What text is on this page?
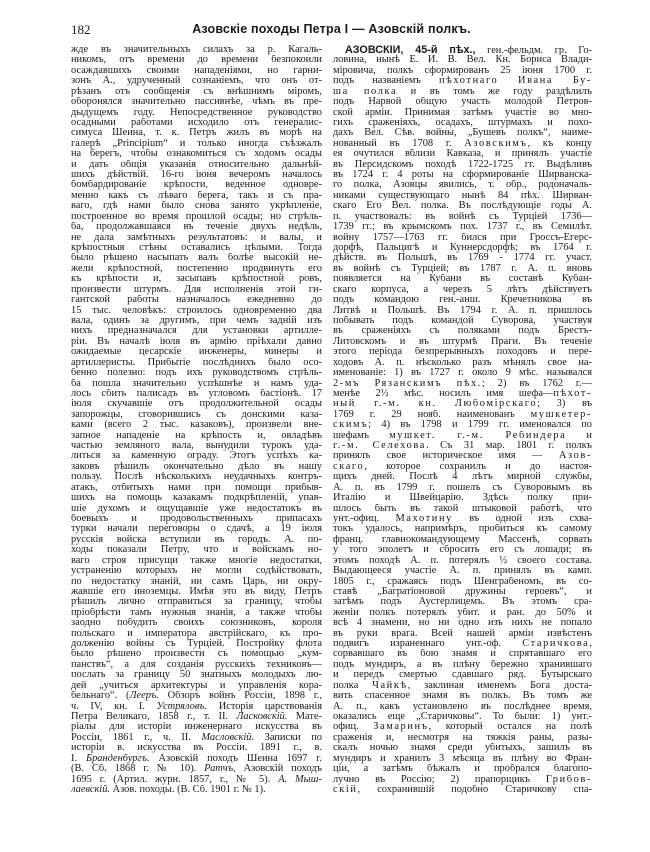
182	Азовскіе походы Петра I — Азовскій полкъ.
жде въ значительныхъ силахъ за р. Кагаль-
никомъ, отъ времени до времени безпокоили
осаждавшихъ своими нападеніями, но гарни-
зонъ А., удрученный сознаніемъ, что онъ от-
рѣзанъ отъ сообщенія съ внѣшнимъ міромъ,
оборонялся значительно пассивнѣе, чѣмъ въ пре-
дыдущемъ году. Непосредственное руководство
осадными работами исходило отъ генералис-
симуса Шеина, т. к. Петръ жилъ въ морѣ на
галерѣ „Principium“ и только иногда съѣзжалъ
на берегъ, чтобы ознакомиться съ ходомъ осады
и дать общія указанія относительно дальнѣй-
шихъ дѣйствій. 16-го іюня вечеромъ началось
бомбардированіе крѣпости, веденное одновре-
менно какъ съ лѣваго берега, такъ и съ пра-
ваго, гдѣ нами было снова занято укрѣпленіе,
построенное во время прошлой осады; но стрѣль-
ба, продолжавшаяся въ теченіе двухъ недѣль,
не дала замѣтныхъ результатовъ: и валы, и
крѣпостныя стѣны оставались цѣлыми. Тогда
было рѣшено насыпать валъ болѣе высокій не-
жели крѣпостной, постепенно продвинуть его
къ крѣпости и, засыпавъ крѣпостной ровъ,
произвести штурмъ. Для исполненія этой ги-
гантской работы назначалось ежедневно до
15 тыс. человѣкъ: строилось одновременно два
вала, одинъ за другимъ, при чемъ задній изъ
нихъ предназначался для установки артилле-
ріи. Въ началѣ іюля въ армію пріѣхали давно
ожидаемые цесарскіе инженеры, минеры и
артиллеристы. Прибытіе послѣднихъ было осо-
бенно полезно: подъ ихъ руководствомъ стрѣль-
ба пошла значительно успѣшнѣе и намъ уда-
лось сбить палисадъ въ угловомъ бастіонѣ. 17
іюля скучавшіе отъ продолжительной осады
запорожцы, сговорившись съ донскими каза-
ками (всего 2 тыс. казаковъ), произвели вне-
запное нападеніе на крѣпость и, овладѣвъ
частью земляного вала, вынудили турокъ уда-
литься за каменную ограду. Этотъ успѣхъ ка-
заковъ рѣшилъ окончательно дѣло въ нашу
пользу. Послѣ нѣсколькихъ неудачныхъ контръ-
атакъ, отбитыхъ нами при помощи прибыв-
шихъ на помощь казакамъ подкрѣпленій, упав-
шіе духомъ и ощущавшіе уже недостатокъ въ
боевыхъ и продовольственныхъ припасахъ
турки начали переговоры о сдачѣ, а 19 іюля
русскія войска вступили въ городъ. А. по-
ходы показали Петру, что и войскамъ но-
ваго строя присущи также многіе недостатки,
устраненію которыхъ не могли содѣйствовать,
по недостатку знаній, ни самъ Царь, ни окру-
жавшіе его иноземцы. Имѣя это въ виду, Петръ
рѣшилъ лично отправиться за границу, чтобы
пріобрѣсти тамъ нужныя знанія, а также чтобы
заодно побудить своихъ союзниковъ, короля
польскаго и императора австрійскаго, къ про-
долженію войны съ Турціей. Постройку флота
было рѣшено произвести съ помощью „кум-
панствъ“, а для созданія русскихъ техниковъ—
послать за границу 50 знатныхъ молодыхъ лю-
дей „учиться архитектуры и управленія кора-
бельнаго“. (Лееръ. Обзоръ войнъ Россіи, 1898 г.,
ч. IV, кн. I. Устряловъ. Исторія царствованія
Петра Великаго, 1858 г., т. II. Ласковскій. Мате-
ріалы для исторіи инженернаго искусства въ
Россіи, 1861 г., ч. II. Масловскій. Записки по
исторіи в. искусства въ Россіи. 1891 г., в.
I. Бранденбургъ. Азовскій походъ Шеина 1697 г.
(В. Сб. 1868 г. № 10). Ратчъ, Азовскій походъ
1695 г. (Артил. журн. 1857, г., № 5). А. Мыш-
лаевскій. Азов. походы. (В. Сб. 1901 г. № 1).
АЗОВСКІЙ, 45-й пѣх., ген.-фельдм. гр. Го-
ловина, нынѣ Е. И. В. Вел. Кн. Бориса Влади-
міровича, полкъ сформированъ 25 іюня 1700 г.
подъ названіемъ пѣхотнаго Ивана Бу-
ша полка и въ томъ же году раздѣлилъ
подъ Нарвой общую участь молодой Петров-
ской арміи. Принимая затѣмъ участіе во мно-
гихъ сраженіяхъ, осадахъ, штурмахъ и похо-
дахъ Вел. Сѣв. войны, „Бушевъ полкъ“, наиме-
нованный въ 1708 г. Азовскимъ, къ концу
ея очутился вблизи Кавказа, и принялъ участіе
въ Персидскомъ походѣ 1722-1725 гг. Выдѣливъ
въ 1724 г. 4 роты на сформированіе Ширванска-
го полка, Азовцы явились, т. обр., родоначаль-
никами существующаго нынѣ 84 пѣх. Ширван-
скаго Его Вел. полка. Въ послѣдующіе годы А.
п. участвовалъ: въ войнѣ съ Турціей 1736—
1739 гг.; въ крымскомъ пох. 1737 г., въ Семилѣт.
войну 1757—1763 гг. бился при Гроссъ-Егерс-
дорфѣ, Пальцигѣ и Куннерсдорфѣ; въ 1764 г.
дѣйств. въ Польшѣ, въ 1769 - 1774 гг. участ.
въ войнѣ съ Турціей; въ 1787 г. А. п. вновь
появляется на Кубани въ составѣ Кубан-
скаго корпуса, а черезъ 5 лѣтъ дѣйствуетъ
подъ командою ген.-анш. Кречетникова въ
Литвѣ и Польшѣ. Въ 1794 г. А. п. пришлось
побывать подъ командой Суворова, участвуя
въ сраженіяхъ съ поляками подъ Брестъ-
Литовскомъ и въ штурмѣ Праги. Въ теченіе
этого періода безпрерывныхъ походовъ и пере-
ходовъ А. п. нѣсколько разъ мѣнялъ свое на-
именованіе: 1) въ 1727 г. около 9 мѣс. назывался
2-мъ Рязанскимъ пѣх.; 2) въ 1762 г.—
менѣе 2½ мѣс. носилъ имя шефа—пѣхот-
ный г.-м. кн. Любомірскаго; 3) въ
1769 г. 29 нояб. наименованъ мушкетер-
скимъ; 4) въ 1798 и 1799 гг. именовался по
шефамъ мушкет. г.-м. Ребиндера и
г.-м. Селехова. Съ 31 мар. 1801 г. полкъ
принялъ свое историческое имя — Азов-
скаго, которое сохранилъ и до настоя-
щихъ дней. Послѣ 4 лѣтъ мирной службы,
А. п. въ 1799 г. пошелъ съ Суворовымъ въ
Италію и Швейцарію. Здѣсь полку при-
шлось быть въ такой штыковой работѣ, что
унт.-офиц. Махотину въ одной изъ схва-
токъ удалось, напримѣръ, пробиться къ самому
франц. главнокомандующему Массенѣ, сорвать
у того эполетъ и сбросить его съ лошади; въ
этомъ походѣ А. п. потерялъ ½ своего состава.
Выдающееся участіе А. п. принялъ въ камп.
1805 г., сражаясь подъ Шенграбеномъ, въ со-
ставѣ „Багратіоновой дружины героевъ“, и
затѣмъ подъ Аустерлицемъ. Въ этомъ сра-
женіи полкъ потерялъ убит. и ран. до 50% и
всѣ 4 знамени, но ни одно изъ нихъ не попало
въ руки врага. Всей нашей арміи извѣстенъ
подвигъ израненнаго унт.-оф. Старичкова,
сорвавшаго въ бою знамя и спрятавшаго его
подъ мундиръ, а въ плѣну бережно хранившаго
и передъ смертью сдавшаго ряд. Бутырскаго
полка Чайкѣ, заклиная именемъ Бога доста-
вить спасенное знамя въ полкъ. Въ томъ же
А. п., какъ установлено въ послѣднее время,
оказались еще „Старичковы“. То были: 1) унт.-
офиц. Замаринъ, который остался на полѣ
сраженія и, несмотря на тяжкія раны, разы-
скалъ ночью знамя среди убитыхъ, зашилъ въ
мундиръ и хранилъ 3 мѣсяца въ плѣну во Фран-
ціи, а затѣмъ бѣжалъ и пробрался благопо-
лучно въ Россію; 2) прапорщикъ Грибов-
скій, сохранившій подобно Старичкову спа-
